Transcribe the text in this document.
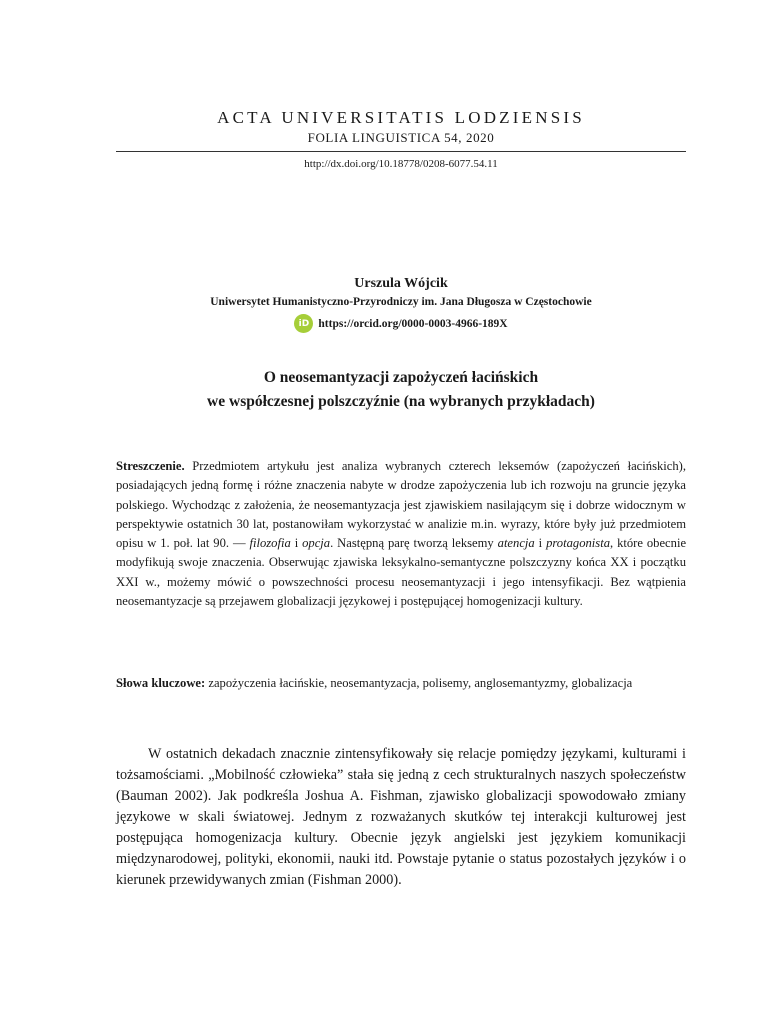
ACTA UNIVERSITATIS LODZIENSIS
FOLIA LINGUISTICA 54, 2020
http://dx.doi.org/10.18778/0208-6077.54.11
Urszula Wójcik
Uniwersytet Humanistyczno-Przyrodniczy im. Jana Długosza w Częstochowie
iD https://orcid.org/0000-0003-4966-189X
O neosemantyzacji zapożyczeń łacińskich
we współczesnej polszczyźnie (na wybranych przykładach)
Streszczenie. Przedmiotem artykułu jest analiza wybranych czterech leksemów (zapożyczeń łacińskich), posiadających jedną formę i różne znaczenia nabyte w drodze zapożyczenia lub ich rozwoju na gruncie języka polskiego. Wychodząc z założenia, że neosemantyzacja jest zjawiskiem nasilającym się i dobrze widocznym w perspektywie ostatnich 30 lat, postanowiłam wykorzystać w analizie m.in. wyrazy, które były już przedmiotem opisu w 1. poł. lat 90. — filozofia i opcja. Następną parę tworzą leksemy atencja i protagonista, które obecnie modyfikują swoje znaczenia. Obserwując zjawiska leksykalno-semantyczne polszczyzny końca XX i początku XXI w., możemy mówić o powszechności procesu neosemantyzacji i jego intensyfikacji. Bez wątpienia neosemantyzacje są przejawem globalizacji językowej i postępującej homogenizacji kultury.
Słowa kluczowe: zapożyczenia łacińskie, neosemantyzacja, polisemy, anglosemantyzmy, globalizacja
W ostatnich dekadach znacznie zintensyfikowały się relacje pomiędzy językami, kulturami i tożsamościami. „Mobilność człowieka” stała się jedną z cech strukturalnych naszych społeczeństw (Bauman 2002). Jak podkreśla Joshua A. Fishman, zjawisko globalizacji spowodowało zmiany językowe w skali światowej. Jednym z rozważanych skutków tej interakcji kulturowej jest postępująca homogenizacja kultury. Obecnie język angielski jest językiem komunikacji międzynarodowej, polityki, ekonomii, nauki itd. Powstaje pytanie o status pozostałych języków i o kierunek przewidywanych zmian (Fishman 2000).
